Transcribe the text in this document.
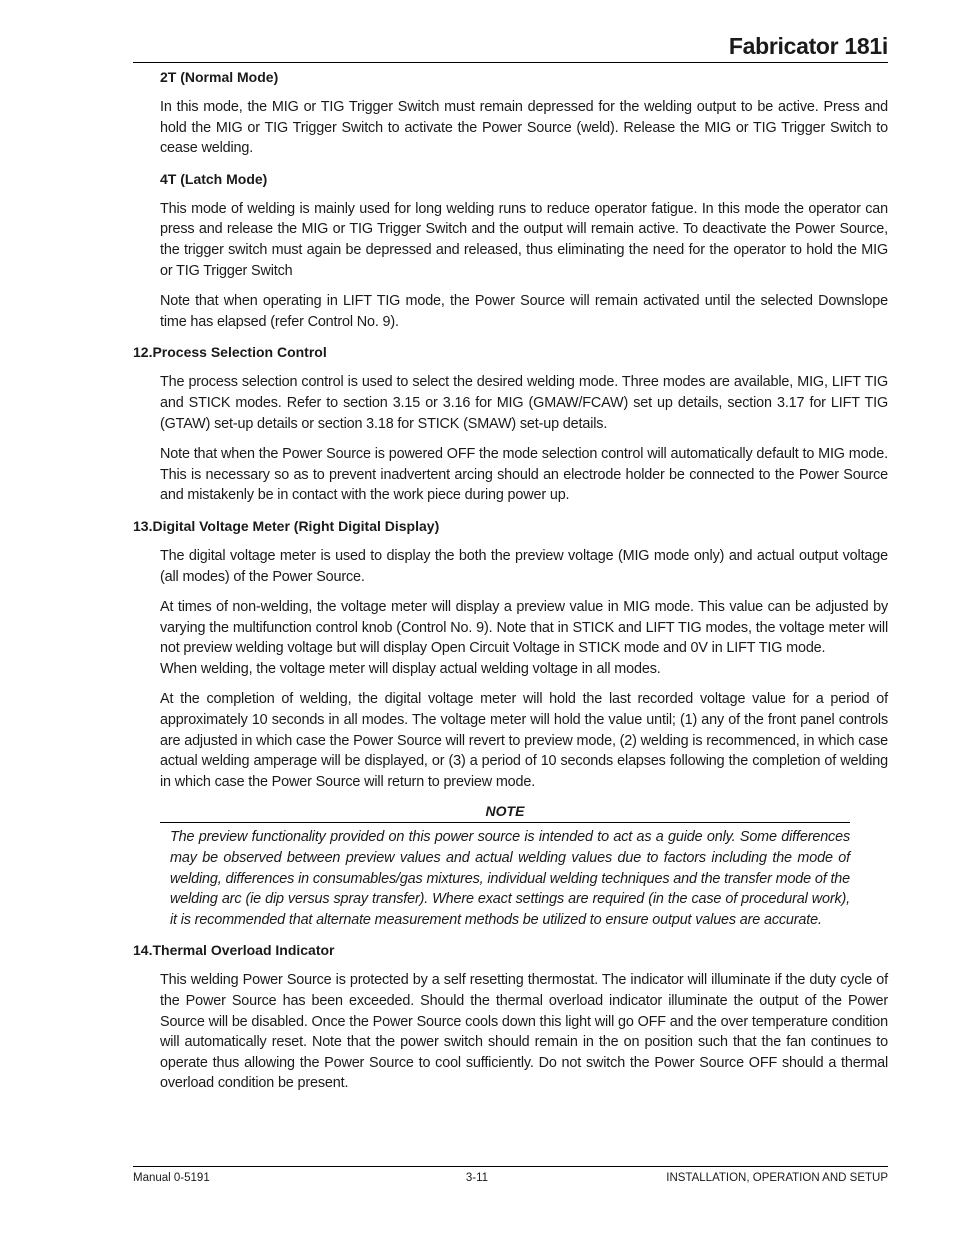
Fabricator 181i
2T (Normal Mode)
In this mode, the MIG or TIG Trigger Switch must remain depressed for the welding output to be active. Press and hold the MIG or TIG Trigger Switch to activate the Power Source (weld). Release the MIG or TIG Trigger Switch to cease welding.
4T (Latch Mode)
This mode of welding is mainly used for long welding runs to reduce operator fatigue. In this mode the operator can press and release the MIG or TIG Trigger Switch and the output will remain active. To deactivate the Power Source, the trigger switch must again be depressed and released, thus eliminating the need for the operator to hold the MIG or TIG Trigger Switch
Note that when operating in LIFT TIG mode, the Power Source will remain activated until the selected Downslope time has elapsed (refer Control No. 9).
12.Process Selection Control
The process selection control is used to select the desired welding mode. Three modes are available, MIG, LIFT TIG and STICK modes. Refer to section 3.15 or 3.16 for MIG (GMAW/FCAW) set up details, section 3.17 for LIFT TIG (GTAW) set-up details or section 3.18 for STICK (SMAW) set-up details.
Note that when the Power Source is powered OFF the mode selection control will automatically default to MIG mode. This is necessary so as to prevent inadvertent arcing should an electrode holder be connected to the Power Source and mistakenly be in contact with the work piece during power up.
13.Digital Voltage Meter (Right Digital Display)
The digital voltage meter is used to display the both the preview voltage (MIG mode only) and actual output voltage (all modes) of the Power Source.
At times of non-welding, the voltage meter will display a preview value in MIG mode. This value can be adjusted by varying the multifunction control knob (Control No. 9). Note that in STICK and LIFT TIG modes, the voltage meter will not preview welding voltage but will display Open Circuit Voltage in STICK mode and 0V in LIFT TIG mode.
When welding, the voltage meter will display actual welding voltage in all modes.
At the completion of welding, the digital voltage meter will hold the last recorded voltage value for a period of approximately 10 seconds in all modes. The voltage meter will hold the value until; (1) any of the front panel controls are adjusted in which case the Power Source will revert to preview mode, (2) welding is recommenced, in which case actual welding amperage will be displayed, or (3) a period of 10 seconds elapses following the completion of welding in which case the Power Source will return to preview mode.
NOTE
The preview functionality provided on this power source is intended to act as a guide only. Some differences may be observed between preview values and actual welding values due to factors including the mode of welding, differences in consumables/gas mixtures, individual welding techniques and the transfer mode of the welding arc (ie dip versus spray transfer). Where exact settings are required (in the case of procedural work), it is recommended that alternate measurement methods be utilized to ensure output values are accurate.
14.Thermal Overload Indicator
This welding Power Source is protected by a self resetting thermostat. The indicator will illuminate if the duty cycle of the Power Source has been exceeded. Should the thermal overload indicator illuminate the output of the Power Source will be disabled. Once the Power Source cools down this light will go OFF and the over temperature condition will automatically reset. Note that the power switch should remain in the on position such that the fan continues to operate thus allowing the Power Source to cool sufficiently. Do not switch the Power Source OFF should a thermal overload condition be present.
Manual 0-5191	3-11	INSTALLATION, OPERATION AND SETUP
